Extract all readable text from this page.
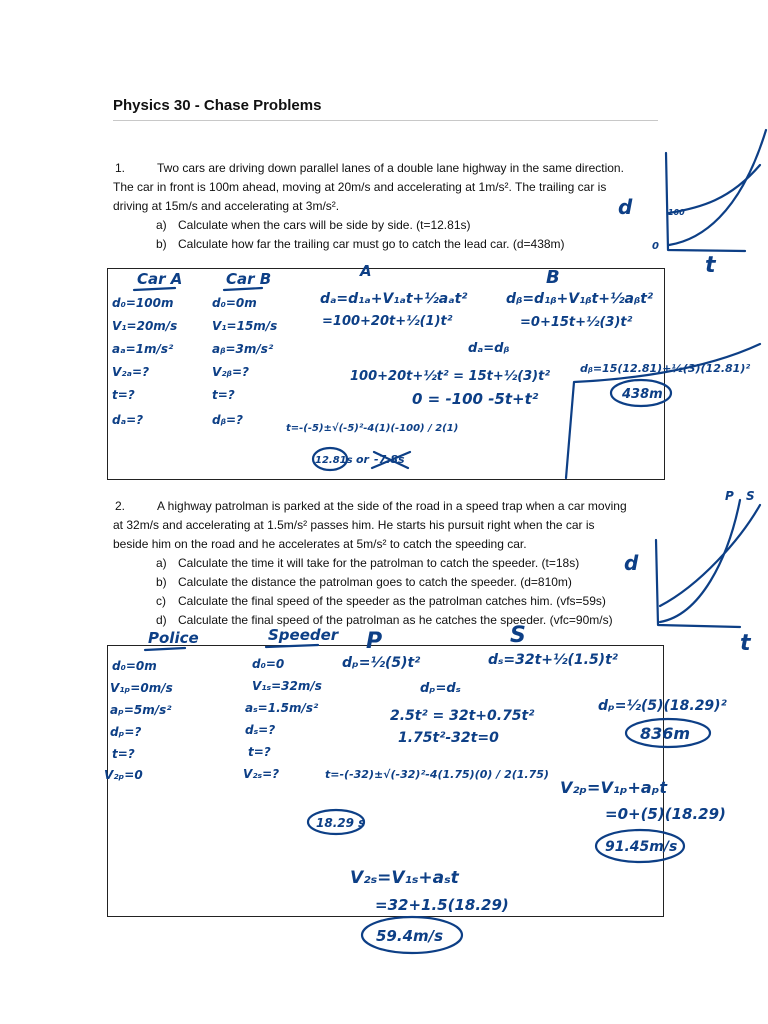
Physics 30 - Chase Problems
1.	Two cars are driving down parallel lanes of a double lane highway in the same direction.
The car in front is 100m ahead, moving at 20m/s and accelerating at 1m/s². The trailing car is
driving at 15m/s and accelerating at 3m/s².
a) Calculate when the cars will be side by side. (t=12.81s)
b) Calculate how far the trailing car must go to catch the lead car. (d=438m)
2.	A highway patrolman is parked at the side of the road in a speed trap when a car moving
at 32m/s and accelerating at 1.5m/s² passes him. He starts his pursuit right when the car is
beside him on the road and he accelerates at 5m/s² to catch the speeding car.
a) Calculate the time it will take for the patrolman to catch the speeder. (t=18s)
b) Calculate the distance the patrolman goes to catch the speeder. (d=810m)
c) Calculate the final speed of the speeder as the patrolman catches him. (vfs=59s)
d) Calculate the final speed of the patrolman as he catches the speeder. (vfc=90m/s)
d	100
0
t
Car A	Car B	A	B
d₀=100m
V₁=20m/s
aₐ=1m/s²
V₂ₐ=?
t=?
dₐ=?
d₀=0m
V₁=15m/s
aᵦ=3m/s²
V₂ᵦ=?
t=?
dᵦ=?
dₐ=d₁ₐ+V₁ₐt+½aₐt²
=100+20t+½(1)t²
dᵦ=d₁ᵦ+V₁ᵦt+½aᵦt²
=0+15t+½(3)t²
dₐ=dᵦ
100+20t+½t² = 15t+½(3)t²
0 = -100 -5t+t²
t=-(-5)±√(-5)²-4(1)(-100) / 2(1)
12.81s or -7.8s
dᵦ=15(12.81)+½(3)(12.81)²
438m
d
t
P S
Police	Speeder P	S
d₀=0m
V₁ₚ=0m/s
aₚ=5m/s²
dₚ=?
t=?
V₂ₚ=0
d₀=0
V₁ₛ=32m/s
aₛ=1.5m/s²
dₛ=?
t=?
V₂ₛ=?
dₚ=½(5)t²	dₛ=32t+½(1.5)t²
dₚ=dₛ
2.5t² = 32t+0.75t²
1.75t²-32t=0
t=-(-32)±√(-32)²-4(1.75)(0) / 2(1.75)
18.29 s
dₚ=½(5)(18.29)²
836m
V₂ₚ=V₁ₚ+aₚt
=0+(5)(18.29)
91.45m/s
V₂ₛ=V₁ₛ+aₛt
=32+1.5(18.29)
59.4m/s
